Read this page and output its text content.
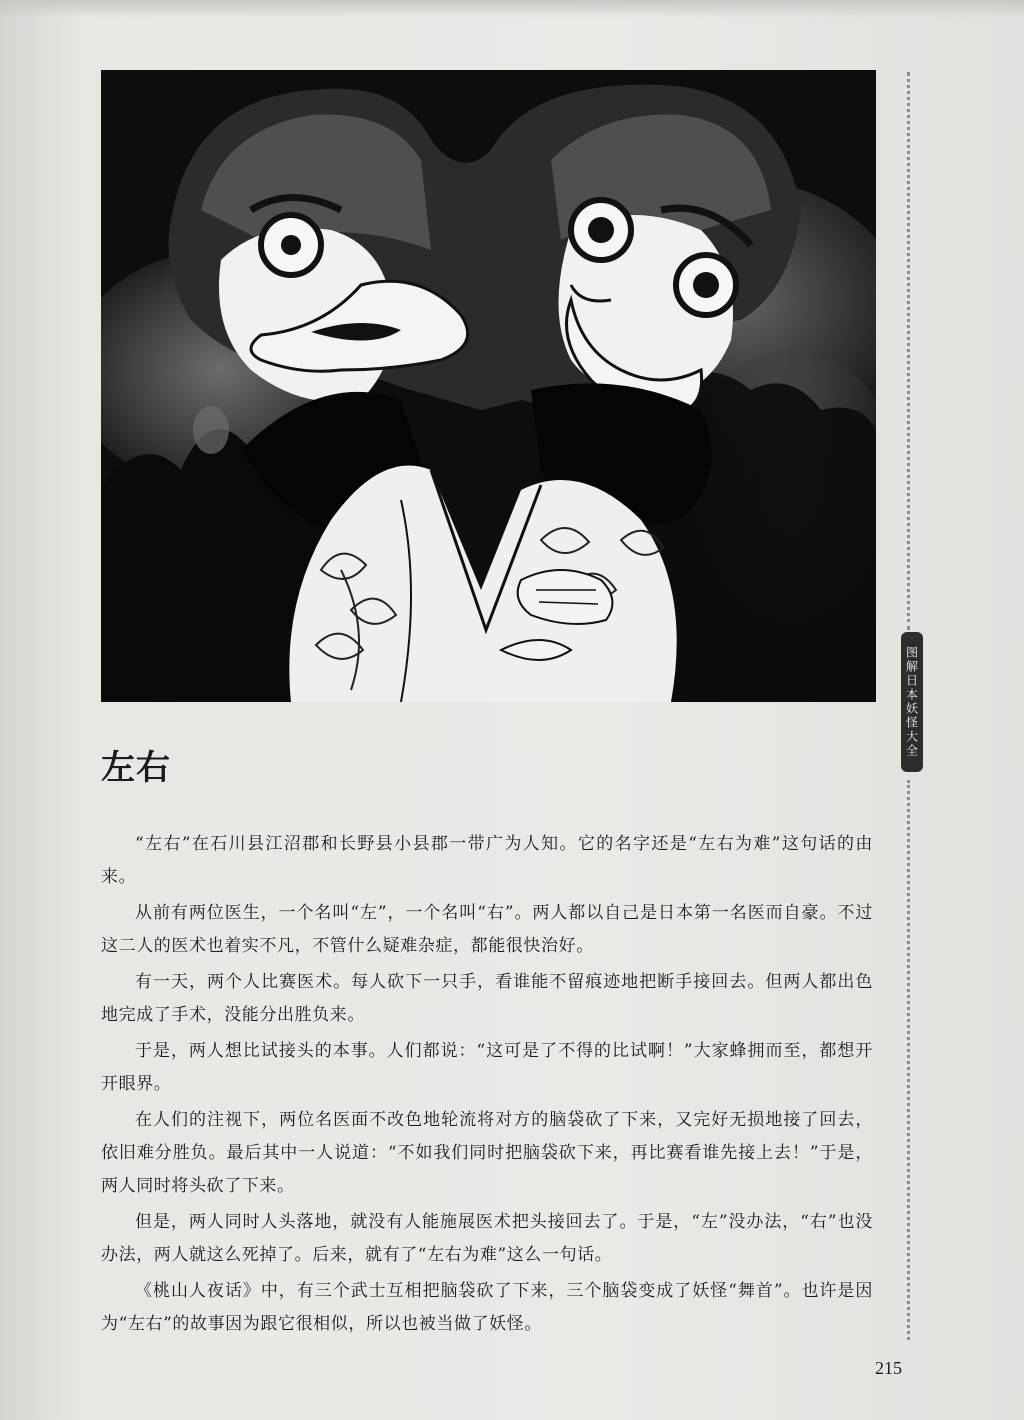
图解日本妖怪大全
左右

“左右”在石川县江沼郡和长野县小县郡一带广为人知。它的名字还是“左右为难”这句话的由来。

从前有两位医生，一个名叫“左”，一个名叫“右”。两人都以自己是日本第一名医而自豪。不过这二人的医术也着实不凡，不管什么疑难杂症，都能很快治好。

有一天，两个人比赛医术。每人砍下一只手，看谁能不留痕迹地把断手接回去。但两人都出色地完成了手术，没能分出胜负来。

于是，两人想比试接头的本事。人们都说：“这可是了不得的比试啊！”大家蜂拥而至，都想开开眼界。

在人们的注视下，两位名医面不改色地轮流将对方的脑袋砍了下来，又完好无损地接了回去，依旧难分胜负。最后其中一人说道：“不如我们同时把脑袋砍下来，再比赛看谁先接上去！”于是，两人同时将头砍了下来。

但是，两人同时人头落地，就没有人能施展医术把头接回去了。于是，“左”没办法，“右”也没办法，两人就这么死掉了。后来，就有了“左右为难”这么一句话。

《桃山人夜话》中，有三个武士互相把脑袋砍了下来，三个脑袋变成了妖怪“舞首”。也许是因为“左右”的故事因为跟它很相似，所以也被当做了妖怪。

215
